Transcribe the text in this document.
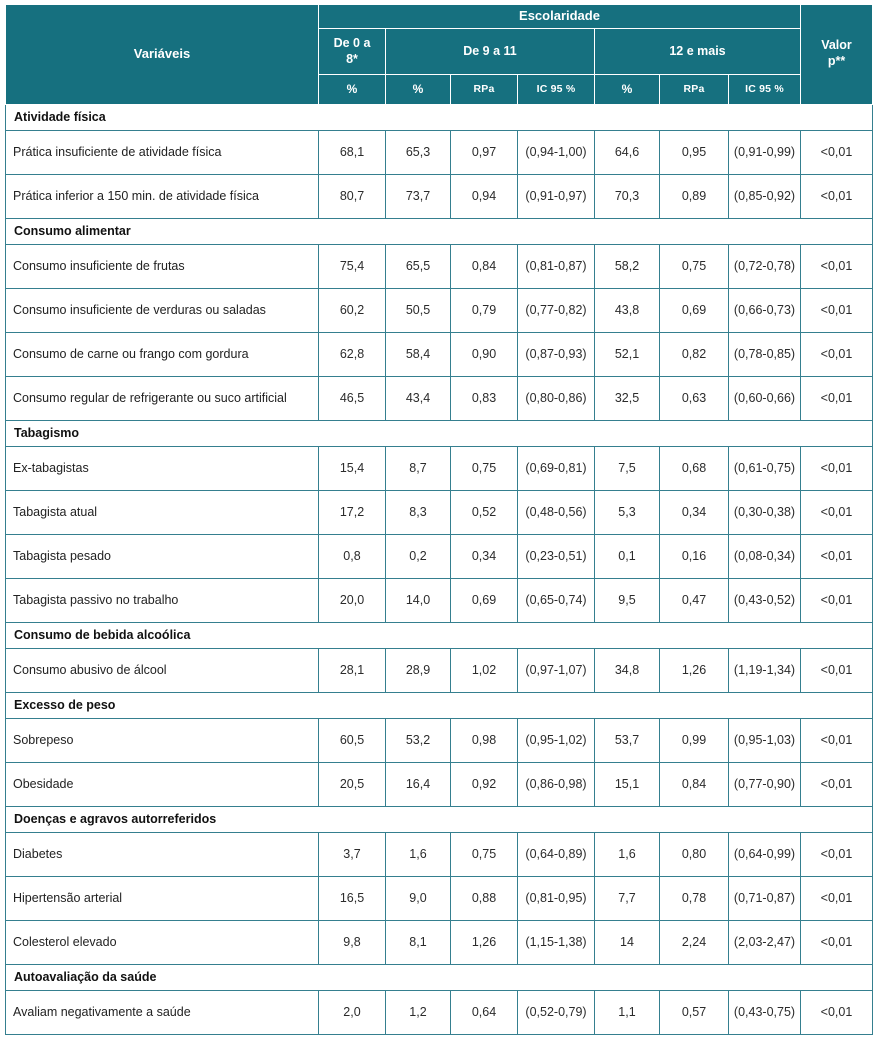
Variáveis	Escolaridade							Valor p**
	De 0 a 8*	De 9 a 11			12 e mais			
	%	%	RPa	IC 95 %	%	RPa	IC 95 %	
Atividade física								
Prática insuficiente de atividade física	68,1	65,3	0,97	(0,94-1,00)	64,6	0,95	(0,91-0,99)	<0,01
Prática inferior a 150 min. de atividade física	80,7	73,7	0,94	(0,91-0,97)	70,3	0,89	(0,85-0,92)	<0,01
Consumo alimentar								
Consumo insuficiente de frutas	75,4	65,5	0,84	(0,81-0,87)	58,2	0,75	(0,72-0,78)	<0,01
Consumo insuficiente de verduras ou saladas	60,2	50,5	0,79	(0,77-0,82)	43,8	0,69	(0,66-0,73)	<0,01
Consumo de carne ou frango com gordura	62,8	58,4	0,90	(0,87-0,93)	52,1	0,82	(0,78-0,85)	<0,01
Consumo regular de refrigerante ou suco artificial	46,5	43,4	0,83	(0,80-0,86)	32,5	0,63	(0,60-0,66)	<0,01
Tabagismo								
Ex-tabagistas	15,4	8,7	0,75	(0,69-0,81)	7,5	0,68	(0,61-0,75)	<0,01
Tabagista atual	17,2	8,3	0,52	(0,48-0,56)	5,3	0,34	(0,30-0,38)	<0,01
Tabagista pesado	0,8	0,2	0,34	(0,23-0,51)	0,1	0,16	(0,08-0,34)	<0,01
Tabagista passivo no trabalho	20,0	14,0	0,69	(0,65-0,74)	9,5	0,47	(0,43-0,52)	<0,01
Consumo de bebida alcoólica								
Consumo abusivo de álcool	28,1	28,9	1,02	(0,97-1,07)	34,8	1,26	(1,19-1,34)	<0,01
Excesso de peso								
Sobrepeso	60,5	53,2	0,98	(0,95-1,02)	53,7	0,99	(0,95-1,03)	<0,01
Obesidade	20,5	16,4	0,92	(0,86-0,98)	15,1	0,84	(0,77-0,90)	<0,01
Doenças e agravos autorreferidos								
Diabetes	3,7	1,6	0,75	(0,64-0,89)	1,6	0,80	(0,64-0,99)	<0,01
Hipertensão arterial	16,5	9,0	0,88	(0,81-0,95)	7,7	0,78	(0,71-0,87)	<0,01
Colesterol elevado	9,8	8,1	1,26	(1,15-1,38)	14	2,24	(2,03-2,47)	<0,01
Autoavaliação da saúde								
Avaliam negativamente a saúde	2,0	1,2	0,64	(0,52-0,79)	1,1	0,57	(0,43-0,75)	<0,01
